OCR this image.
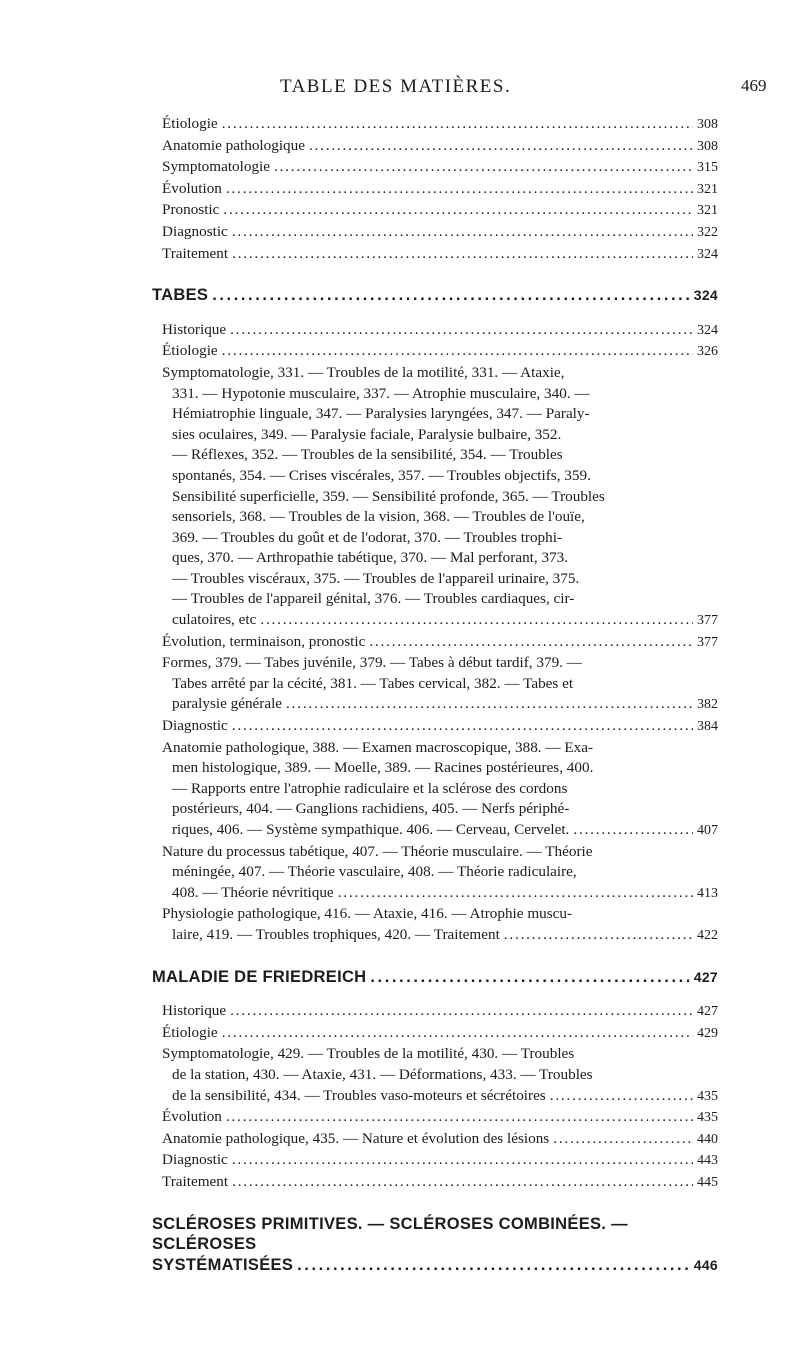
TABLE DES MATIÈRES.	469
Étiologie . . .	308
Anatomie pathologique . . .	308
Symptomatologie . . .	315
Évolution . . .	321
Pronostic . . .	321
Diagnostic . . .	322
Traitement . . .	324
TABES . . .	324
Historique . . .	324
Étiologie . . .	326
Symptomatologie, 331. — Troubles de la motilité, 331. — Ataxie,
331. — Hypotonie musculaire, 337. — Atrophie musculaire, 340. —
Hémiatrophie linguale, 347. — Paralysies laryngées, 347. — Paraly-
sies oculaires, 349. — Paralysie faciale, Paralysie bulbaire, 352.
— Réflexes, 352. — Troubles de la sensibilité, 354. — Troubles
spontanés, 354. — Crises viscérales, 357. — Troubles objectifs, 359.
Sensibilité superficielle, 359. — Sensibilité profonde, 365. — Troubles
sensoriels, 368. — Troubles de la vision, 368. — Troubles de l'ouïe,
369. — Troubles du goût et de l'odorat, 370. — Troubles trophi-
ques, 370. — Arthropathie tabétique, 370. — Mal perforant, 373.
— Troubles viscéraux, 375. — Troubles de l'appareil urinaire, 375.
— Troubles de l'appareil génital, 376. — Troubles cardiaques, cir-
culatoires, etc . . .	377
Évolution, terminaison, pronostic . . .	377
Formes, 379. — Tabes juvénile, 379. — Tabes à début tardif, 379. —
Tabes arrêté par la cécité, 381. — Tabes cervical, 382. — Tabes et
paralysie générale . . .	382
Diagnostic . . .	384
Anatomie pathologique, 388. — Examen macroscopique, 388. — Exa-
men histologique, 389. — Moelle, 389. — Racines postérieures, 400.
— Rapports entre l'atrophie radiculaire et la sclérose des cordons
postérieurs, 404. — Ganglions rachidiens, 405. — Nerfs périphé-
riques, 406. — Système sympathique. 406. — Cerveau, Cervelet. . . .	407
Nature du processus tabétique, 407. — Théorie musculaire. — Théorie
méningée, 407. — Théorie vasculaire, 408. — Théorie radiculaire,
408. — Théorie névritique . . .	413
Physiologie pathologique, 416. — Ataxie, 416. — Atrophie muscu-
laire, 419. — Troubles trophiques, 420. — Traitement . . .	422
MALADIE DE FRIEDREICH . . .	427
Historique . . .	427
Étiologie . . .	429
Symptomatologie, 429. — Troubles de la motilité, 430. — Troubles
de la station, 430. — Ataxie, 431. — Déformations, 433. — Troubles
de la sensibilité, 434. — Troubles vaso-moteurs et sécrétoires . . .	435
Évolution . . .	435
Anatomie pathologique, 435. — Nature et évolution des lésions . . .	440
Diagnostic . . .	443
Traitement . . .	445
SCLÉROSES PRIMITIVES. — SCLÉROSES COMBINÉES. — SCLÉROSES
SYSTÉMATISÉES . . .	446
